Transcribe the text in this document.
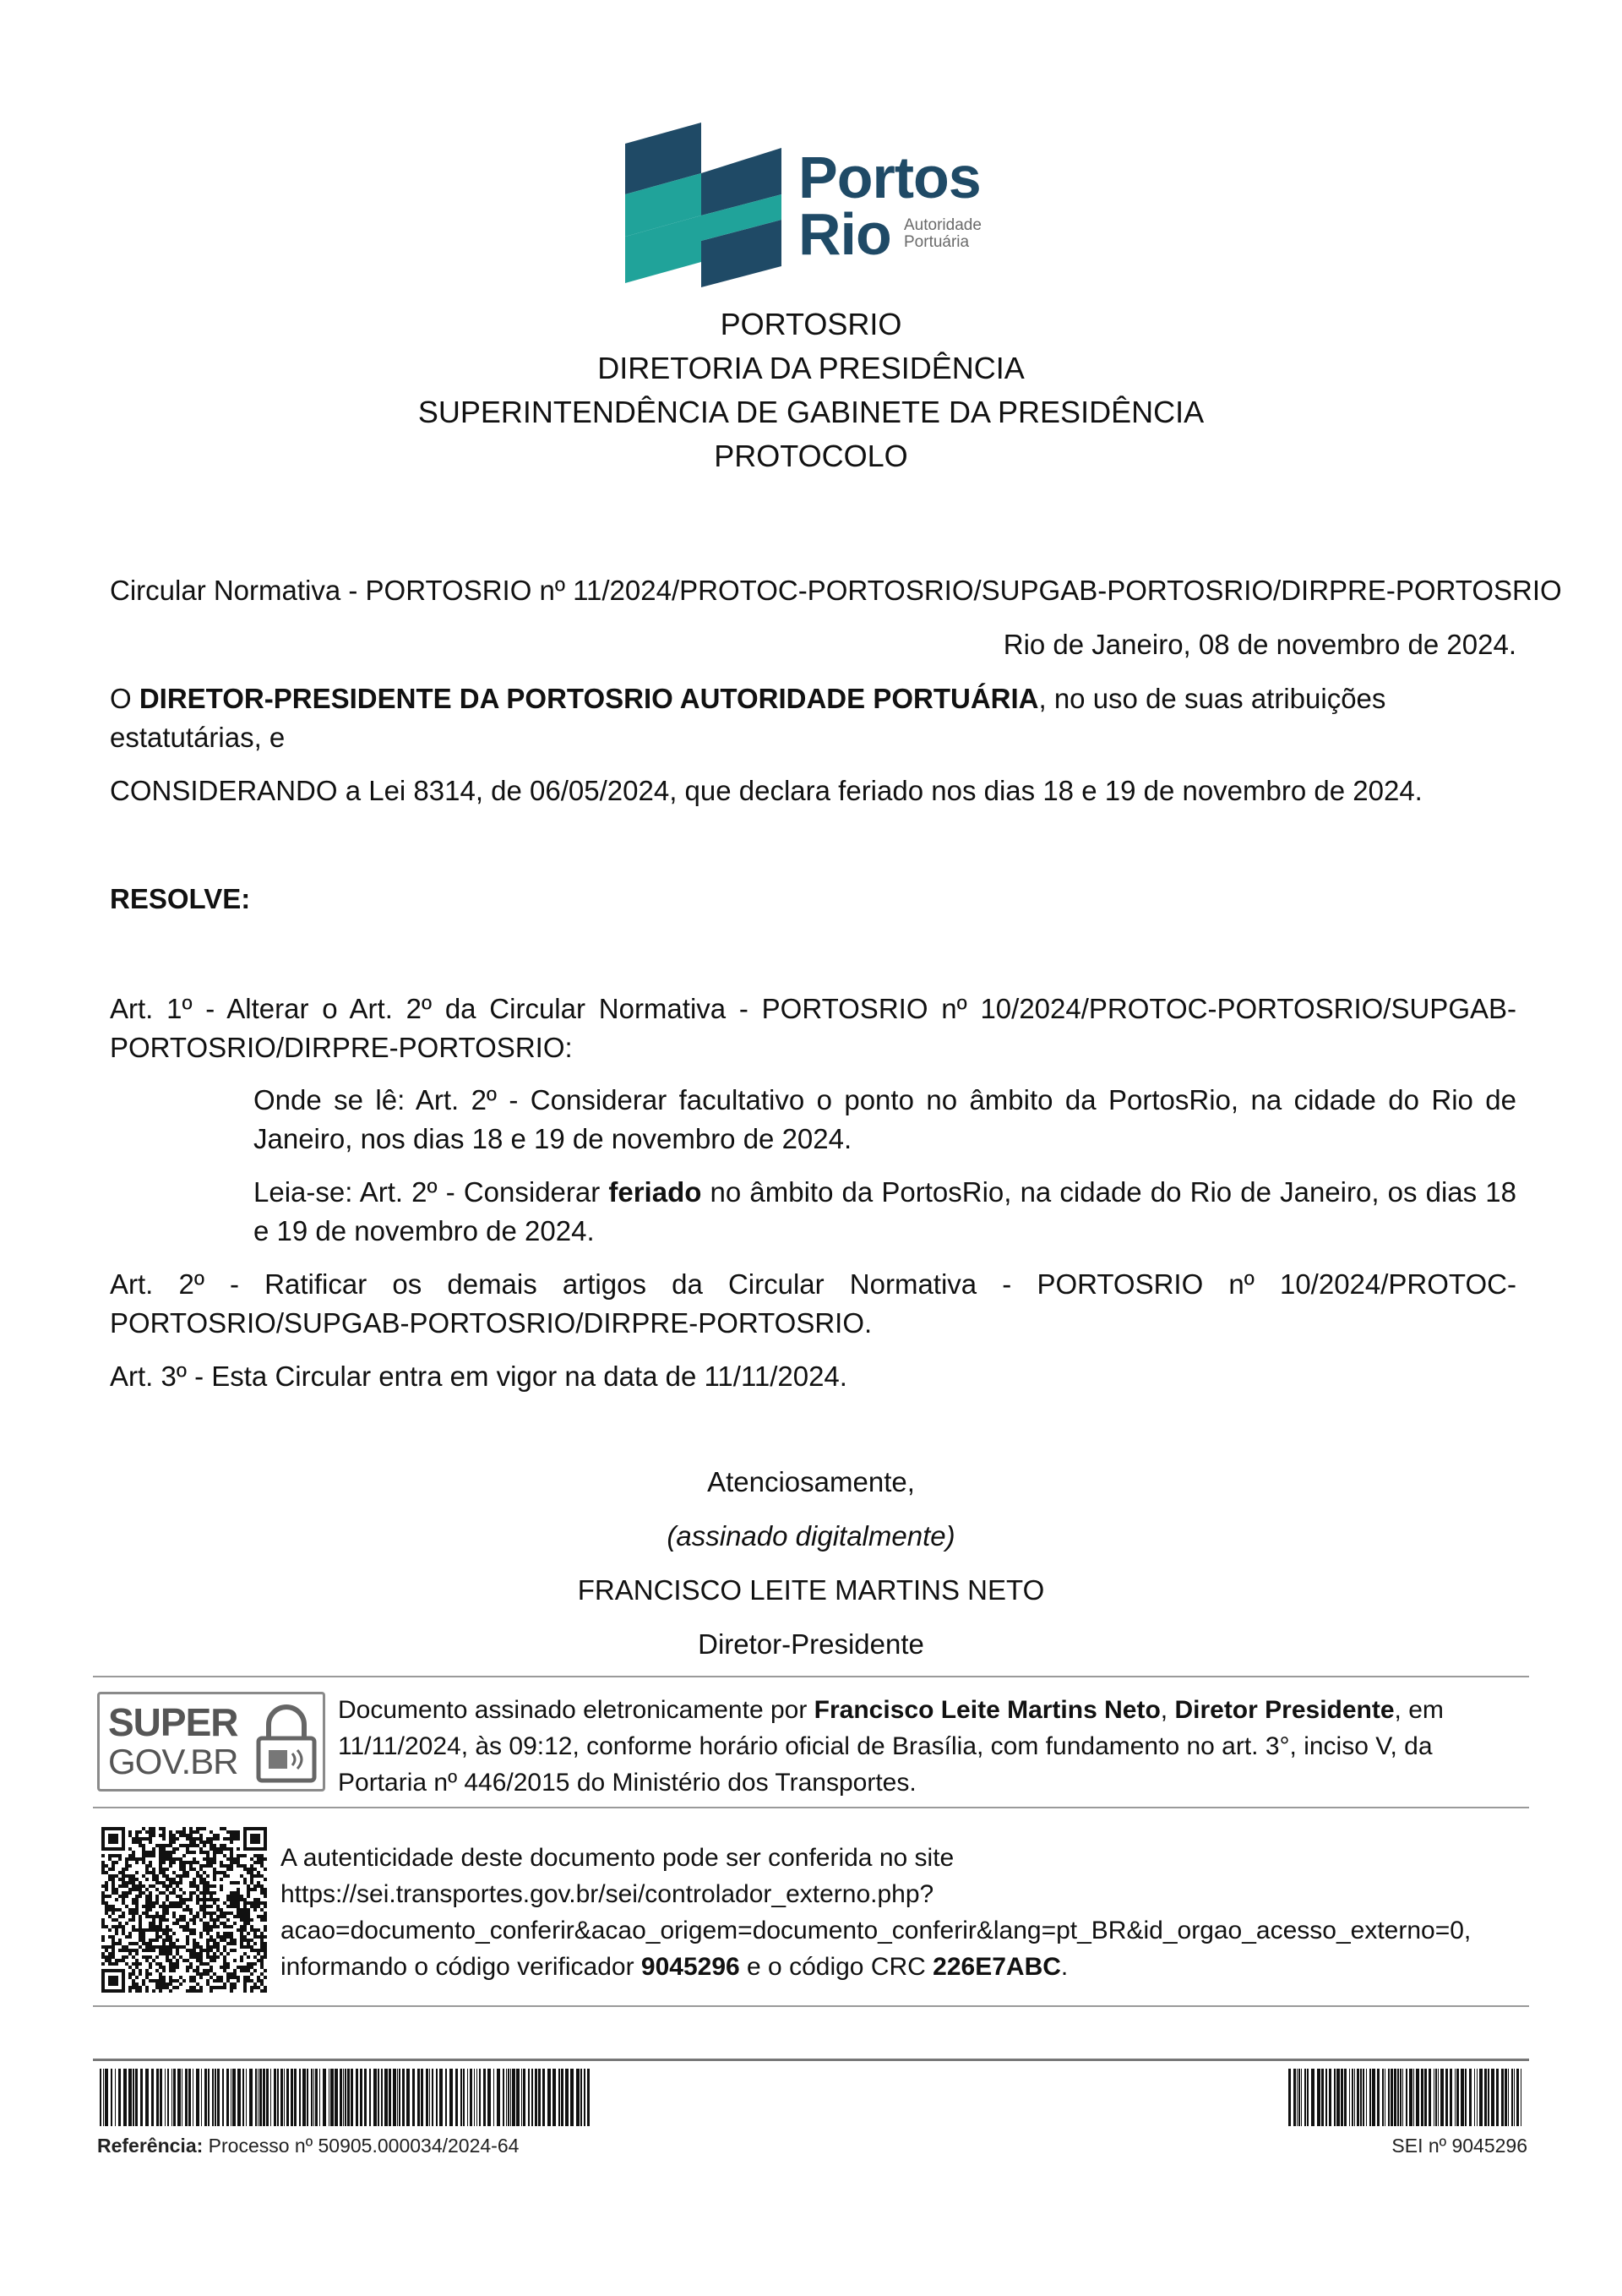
Portos
Rio Autoridade
Portuária
PORTOSRIO
DIRETORIA DA PRESIDÊNCIA
SUPERINTENDÊNCIA DE GABINETE DA PRESIDÊNCIA
PROTOCOLO
Circular Normativa - PORTOSRIO nº 11/2024/PROTOC-PORTOSRIO/SUPGAB-PORTOSRIO/DIRPRE-PORTOSRIO
Rio de Janeiro, 08 de novembro de 2024.
O DIRETOR-PRESIDENTE DA PORTOSRIO AUTORIDADE PORTUÁRIA, no uso de suas atribuições estatutárias, e
CONSIDERANDO a Lei 8314, de 06/05/2024, que declara feriado nos dias 18 e 19 de novembro de 2024.
RESOLVE:
Art. 1º - Alterar o Art. 2º da Circular Normativa - PORTOSRIO nº 10/2024/PROTOC-PORTOSRIO/SUPGAB-PORTOSRIO/DIRPRE-PORTOSRIO:
Onde se lê: Art. 2º - Considerar facultativo o ponto no âmbito da PortosRio, na cidade do Rio de Janeiro, nos dias 18 e 19 de novembro de 2024.
Leia-se: Art. 2º - Considerar feriado no âmbito da PortosRio, na cidade do Rio de Janeiro, os dias 18 e 19 de novembro de 2024.
Art. 2º - Ratificar os demais artigos da Circular Normativa - PORTOSRIO nº 10/2024/PROTOC-PORTOSRIO/SUPGAB-PORTOSRIO/DIRPRE-PORTOSRIO.
Art. 3º - Esta Circular entra em vigor na data de 11/11/2024.
Atenciosamente,
(assinado digitalmente)
FRANCISCO LEITE MARTINS NETO
Diretor-Presidente
SUPER
GOV.BR
Documento assinado eletronicamente por Francisco Leite Martins Neto, Diretor Presidente, em 11/11/2024, às 09:12, conforme horário oficial de Brasília, com fundamento no art. 3°, inciso V, da Portaria nº 446/2015 do Ministério dos Transportes.
A autenticidade deste documento pode ser conferida no site
https://sei.transportes.gov.br/sei/controlador_externo.php?
acao=documento_conferir&acao_origem=documento_conferir&lang=pt_BR&id_orgao_acesso_externo=0,
informando o código verificador 9045296 e o código CRC 226E7ABC.
Referência: Processo nº 50905.000034/2024-64	SEI nº 9045296
